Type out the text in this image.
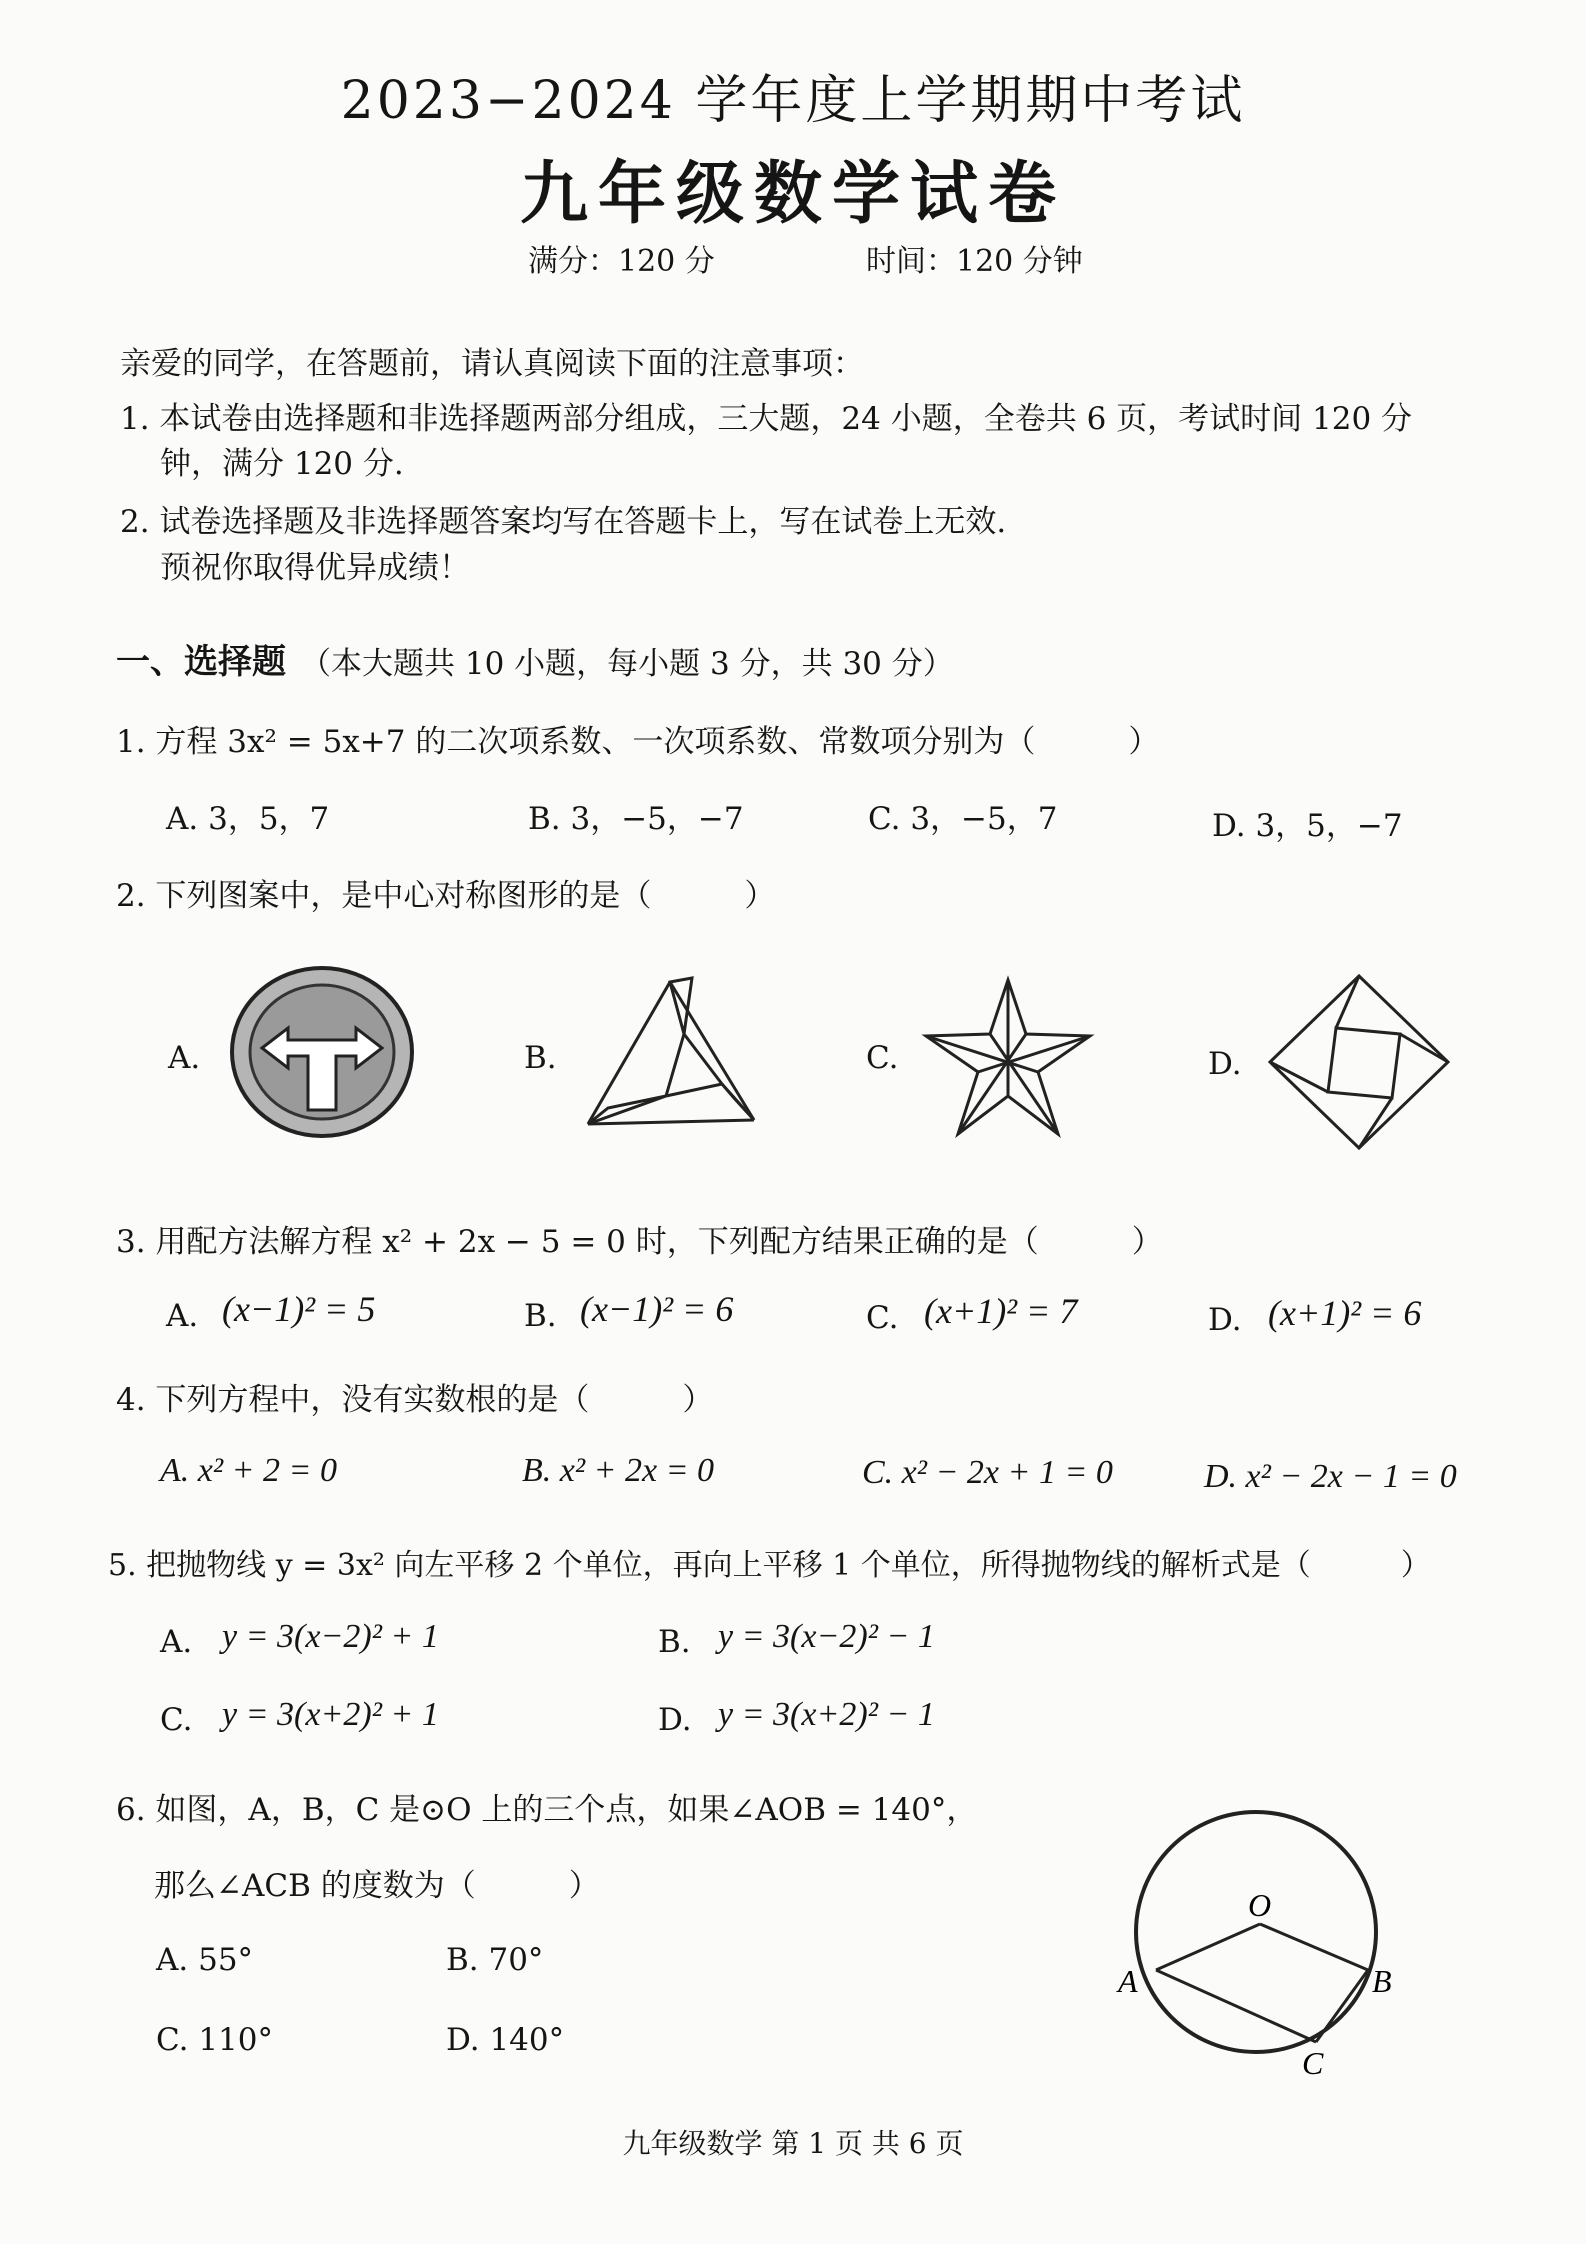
2023−2024 学年度上学期期中考试
九年级数学试卷
满分：120 分	时间：120 分钟
亲爱的同学，在答题前，请认真阅读下面的注意事项：
1. 本试卷由选择题和非选择题两部分组成，三大题，24 小题，全卷共 6 页，考试时间 120 分
钟，满分 120 分.
2. 试卷选择题及非选择题答案均写在答题卡上，写在试卷上无效.
预祝你取得优异成绩！
一、选择题 （本大题共 10 小题，每小题 3 分，共 30 分）
1. 方程 3x² = 5x+7 的二次项系数、一次项系数、常数项分别为（　　　）
A. 3，5，7	B. 3，−5，−7	C. 3，−5，7	D. 3，5，−7
2. 下列图案中，是中心对称图形的是（　　　）
A.	B.	C.	D.
3. 用配方法解方程 x² + 2x − 5 = 0 时，下列配方结果正确的是（　　　）
A. (x−1)² = 5	B. (x−1)² = 6	C. (x+1)² = 7	D. (x+1)² = 6
4. 下列方程中，没有实数根的是（　　　）
A. x² + 2 = 0	B. x² + 2x = 0	C. x² − 2x + 1 = 0	D. x² − 2x − 1 = 0
5. 把抛物线 y = 3x² 向左平移 2 个单位，再向上平移 1 个单位，所得抛物线的解析式是（　　　）
A. y = 3(x−2)² + 1	B. y = 3(x−2)² − 1
C. y = 3(x+2)² + 1	D. y = 3(x+2)² − 1
6. 如图，A，B，C 是⊙O 上的三个点，如果∠AOB = 140°，
那么∠ACB 的度数为（　　　）
A. 55°	B. 70°
C. 110°	D. 140°
O
A	B
C
九年级数学 第 1 页 共 6 页
